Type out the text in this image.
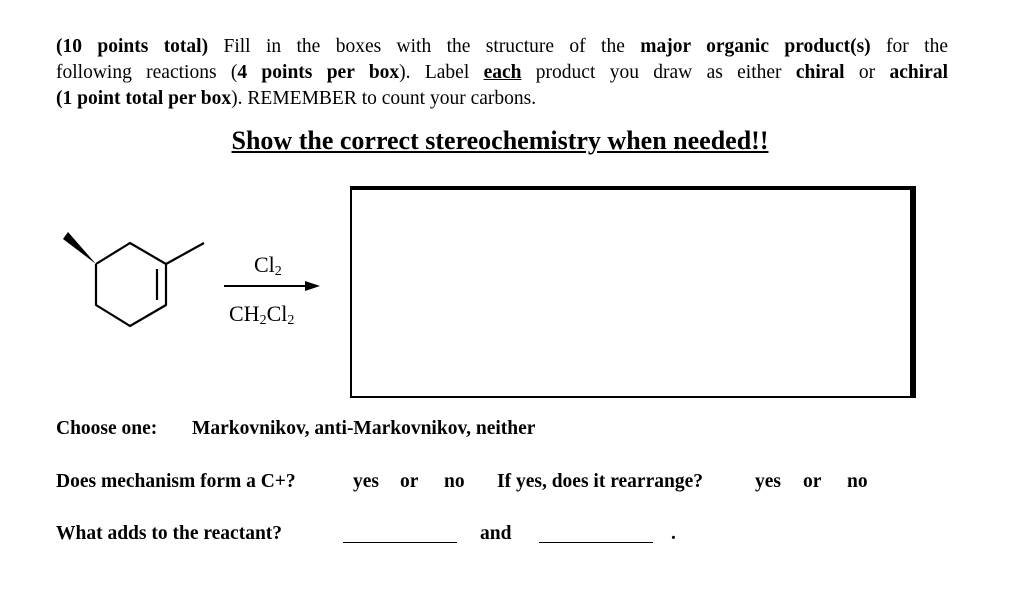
(10 points total) Fill in the boxes with the structure of the major organic product(s) for the
following reactions (4 points per box). Label each product you draw as either chiral or achiral
(1 point total per box). REMEMBER to count your carbons.
Show the correct stereochemistry when needed!!
$Cl_2$
$CH_2Cl_2$
Choose one: Markovnikov, anti-Markovnikov, neither
Does mechanism form a C+?	yes or no If yes, does it rearrange?	yes or no
What adds to the reactant?	and	.
